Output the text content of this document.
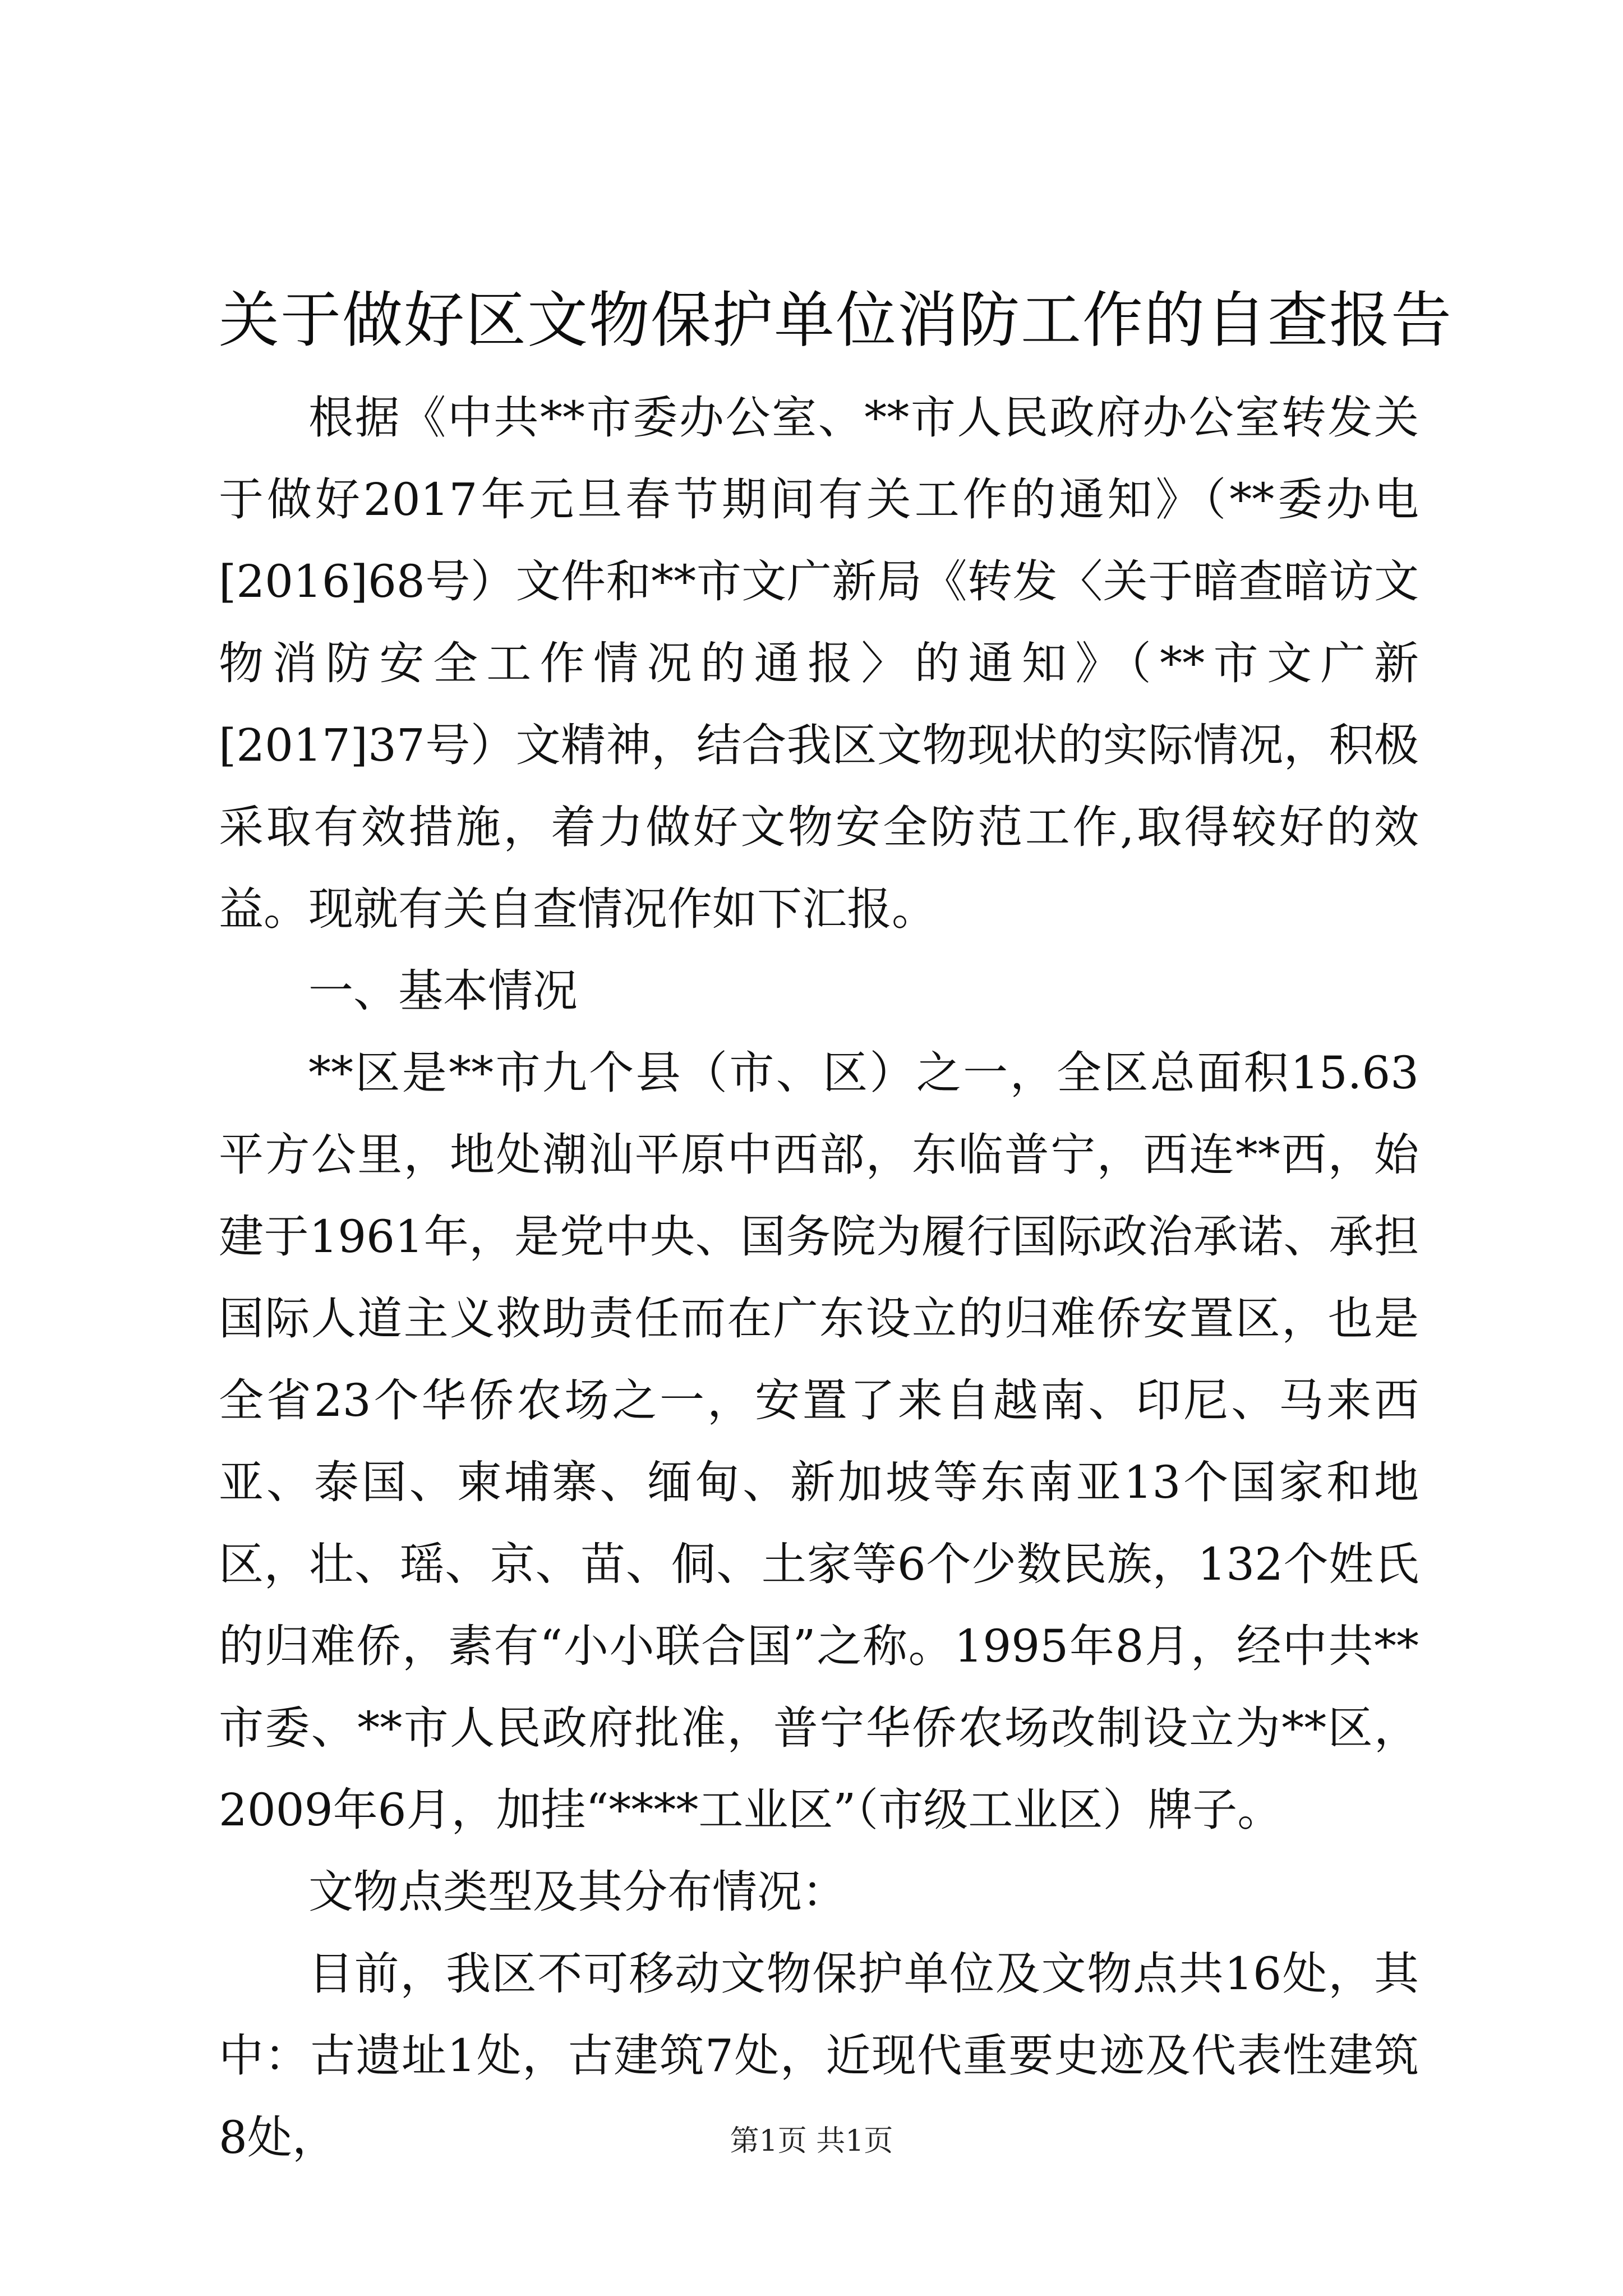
关于做好区文物保护单位消防工作的自查报告

根据《中共**市委办公室、**市人民政府办公室转发关于做好2017年元旦春节期间有关工作的通知》（**委办电[2016]68号）文件和**市文广新局《转发〈关于暗查暗访文物消防安全工作情况的通报〉的通知》（**市文广新[2017]37号）文精神，结合我区文物现状的实际情况，积极采取有效措施，着力做好文物安全防范工作,取得较好的效益。现就有关自查情况作如下汇报。

一、基本情况

**区是**市九个县（市、区）之一，全区总面积15.63平方公里，地处潮汕平原中西部，东临普宁，西连**西，始建于1961年，是党中央、国务院为履行国际政治承诺、承担国际人道主义救助责任而在广东设立的归难侨安置区，也是全省23个华侨农场之一，安置了来自越南、印尼、马来西亚、泰国、柬埔寨、缅甸、新加坡等东南亚13个国家和地区，壮、瑶、京、苗、侗、土家等6个少数民族，132个姓氏的归难侨，素有“小小联合国”之称。1995年8月，经中共**市委、**市人民政府批准，普宁华侨农场改制设立为**区，2009年6月，加挂“****工业区”（市级工业区）牌子。

文物点类型及其分布情况：

目前，我区不可移动文物保护单位及文物点共16处，其中：古遗址1处，古建筑7处，近现代重要史迹及代表性建筑8处，	第1页 共1页
